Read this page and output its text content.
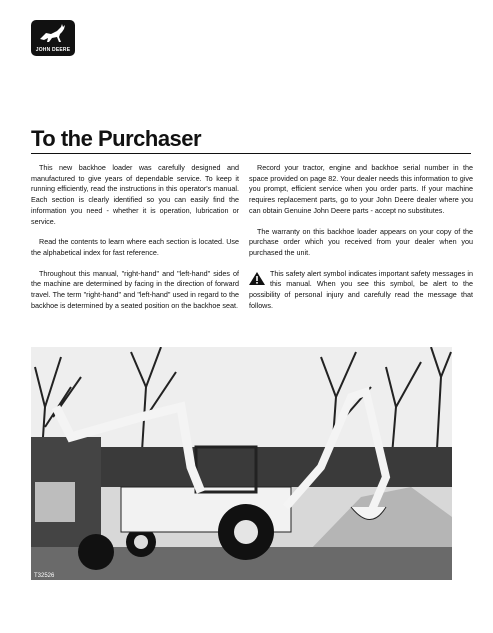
JOHN DEERE
To the Purchaser

This new backhoe loader was carefully designed and manufactured to give years of dependable service. To keep it running efficiently, read the instructions in this operator's manual. Each section is clearly identified so you can easily find the information you need - whether it is operation, lubrication or service.

Read the contents to learn where each section is located. Use the alphabetical index for fast reference.

Throughout this manual, "right-hand" and "left-hand" sides of the machine are determined by facing in the direction of forward travel. The term "right-hand" and "left-hand" used in regard to the backhoe is determined by a seated position on the backhoe seat.

Record your tractor, engine and backhoe serial number in the space provided on page 82. Your dealer needs this information to give you prompt, efficient service when you order parts. If your machine requires replacement parts, go to your John Deere dealer where you can obtain Genuine John Deere parts - accept no substitutes.

The warranty on this backhoe loader appears on your copy of the purchase order which you received from your dealer when you purchased the unit.

This safety alert symbol indicates important safety messages in this manual. When you see this symbol, be alert to the possibility of personal injury and carefully read the message that follows.
T32526
